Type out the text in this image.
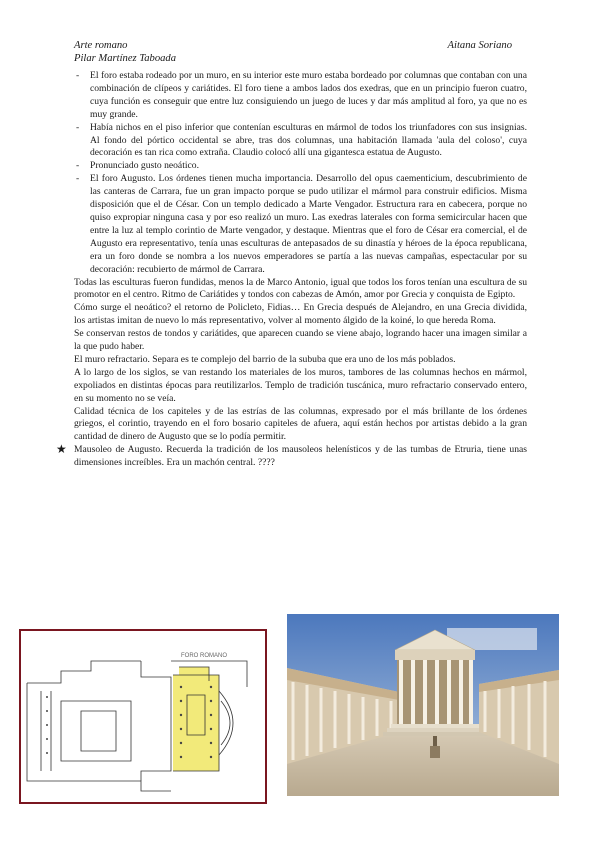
Arte romano
Pilar Martínez Taboada
Aitana Soriano
- El foro estaba rodeado por un muro, en su interior este muro estaba bordeado por columnas que contaban con una combinación de clípeos y cariátides. El foro tiene a ambos lados dos exedras, que en un principio fueron cuatro, cuya función es conseguir que entre luz consiguiendo un juego de luces y dar más amplitud al foro, ya que no es muy grande.
- Había nichos en el piso inferior que contenían esculturas en mármol de todos los triunfadores con sus insignias. Al fondo del pórtico occidental se abre, tras dos columnas, una habitación llamada 'aula del coloso', cuya decoración es tan rica como extraña. Claudio colocó allí una gigantesca estatua de Augusto.
- Pronunciado gusto neoático.
- El foro Augusto. Los órdenes tienen mucha importancia. Desarrollo del opus caementicium, descubrimiento de las canteras de Carrara, fue un gran impacto porque se pudo utilizar el mármol para construir edificios. Misma disposición que el de César. Con un templo dedicado a Marte Vengador. Estructura rara en cabecera, porque no quiso expropiar ninguna casa y por eso realizó un muro. Las exedras laterales con forma semicircular hacen que entre la luz al templo corintio de Marte vengador, y destaque. Mientras que el foro de César era comercial, el de Augusto era representativo, tenía unas esculturas de antepasados de su dinastía y héroes de la época republicana, era un foro donde se nombra a los nuevos emperadores se partía a las nuevas campañas, espectacular por su decoración: recubierto de mármol de Carrara.

Todas las esculturas fueron fundidas, menos la de Marco Antonio, igual que todos los foros tenían una escultura de su promotor en el centro. Ritmo de Cariátides y tondos con cabezas de Amón, amor por Grecia y conquista de Egipto.

Cómo surge el neoático? el retorno de Policleto, Fidias… En Grecia después de Alejandro, en una Grecia dividida, los artistas imitan de nuevo lo más representativo, volver al momento álgido de la koiné, lo que hereda Roma.

Se conservan restos de tondos y cariátides, que aparecen cuando se viene abajo, logrando hacer una imagen similar a la que pudo haber.

El muro refractario. Separa es te complejo del barrio de la sububa que era uno de los más poblados.

A lo largo de los siglos, se van restando los materiales de los muros, tambores de las columnas hechos en mármol, expoliados en distintas épocas para reutilizarlos. Templo de tradición tuscánica, muro refractario conservado entero, en su momento no se veía.

Calidad técnica de los capiteles y de las estrías de las columnas, expresado por el más brillante de los órdenes griegos, el corintio, trayendo en el foro bosario capiteles de afuera, aquí están hechos por artistas debido a la gran cantidad de dinero de Augusto que se lo podía permitir.

★ Mausoleo de Augusto. Recuerda la tradición de los mausoleos helenísticos y de las tumbas de Etruria, tiene unas dimensiones increíbles. Era un machón central. ????
FORO ROMANO
